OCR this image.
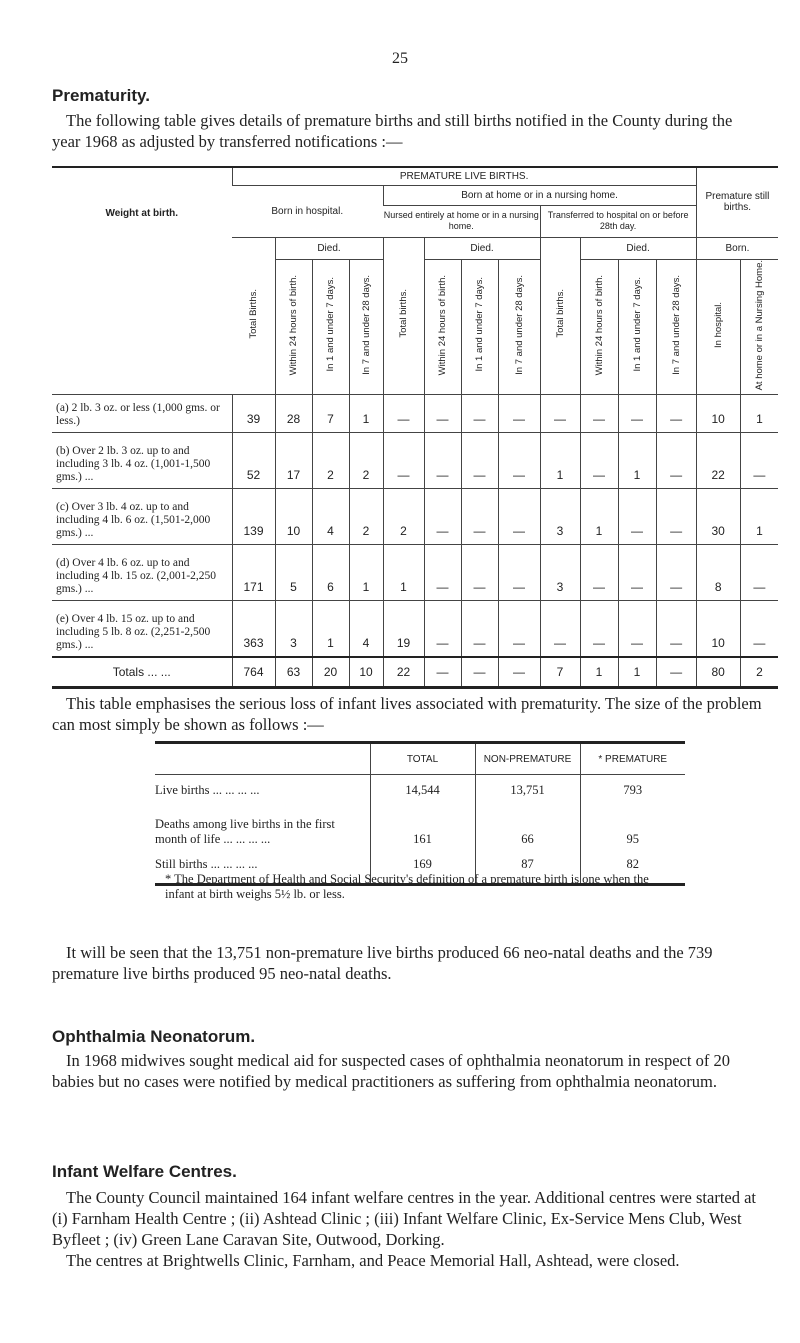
25
Prematurity.
The following table gives details of premature births and still births notified in the County during the year 1968 as adjusted by transferred notifications :—
Weight at birth.	PREMATURE LIVE BIRTHS.												Premature still births.	
	Born in hospital.				Born at home or in a nursing home.									
					Nursed entirely at home or in a nursing home.				Transferred to hospital on or before 28th day.					
	Total Births.	Died.			Total births.	Died.			Total births.	Died.			Born.	
		Within 24 hours of birth.	In 1 and under 7 days.	In 7 and under 28 days.		Within 24 hours of birth.	In 1 and under 7 days.	In 7 and under 28 days.		Within 24 hours of birth.	In 1 and under 7 days.	In 7 and under 28 days.	In hospital.	At home or in a Nursing Home.

(a) 2 lb. 3 oz. or less (1,000 gms. or less.)	39	28	7	1	—	—	—	—	—	—	—	—	10	1
(b) Over 2 lb. 3 oz. up to and including 3 lb. 4 oz. (1,001-1,500 gms.) ...	52	17	2	2	—	—	—	—	1	—	1	—	22	—
(c) Over 3 lb. 4 oz. up to and including 4 lb. 6 oz. (1,501-2,000 gms.) ...	139	10	4	2	2	—	—	—	3	1	—	—	30	1
(d) Over 4 lb. 6 oz. up to and including 4 lb. 15 oz. (2,001-2,250 gms.) ...	171	5	6	1	1	—	—	—	3	—	—	—	8	—
(e) Over 4 lb. 15 oz. up to and including 5 lb. 8 oz. (2,251-2,500 gms.) ...	363	3	1	4	19	—	—	—	—	—	—	—	10	—
Totals ... ...	764	63	20	10	22	—	—	—	7	1	1	—	80	2
This table emphasises the serious loss of infant lives associated with prematurity. The size of the problem can most simply be shown as follows :—
	TOTAL	NON-PREMATURE	* PREMATURE
Live births ... ... ... ...	14,544	13,751	793
Deaths among live births in the first month of life ... ... ... ...	161	66	95
Still births ... ... ... ...	169	87	82
* The Department of Health and Social Security's definition of a premature birth is one when the infant at birth weighs 5½ lb. or less.
It will be seen that the 13,751 non-premature live births produced 66 neo-natal deaths and the 739 premature live births produced 95 neo-natal deaths.
Ophthalmia Neonatorum.
In 1968 midwives sought medical aid for suspected cases of ophthalmia neonatorum in respect of 20 babies but no cases were notified by medical practitioners as suffering from ophthalmia neonatorum.
Infant Welfare Centres.
The County Council maintained 164 infant welfare centres in the year. Additional centres were started at (i) Farnham Health Centre ; (ii) Ashtead Clinic ; (iii) Infant Welfare Clinic, Ex-Service Mens Club, West Byfleet ; (iv) Green Lane Caravan Site, Outwood, Dorking.
The centres at Brightwells Clinic, Farnham, and Peace Memorial Hall, Ashtead, were closed.
